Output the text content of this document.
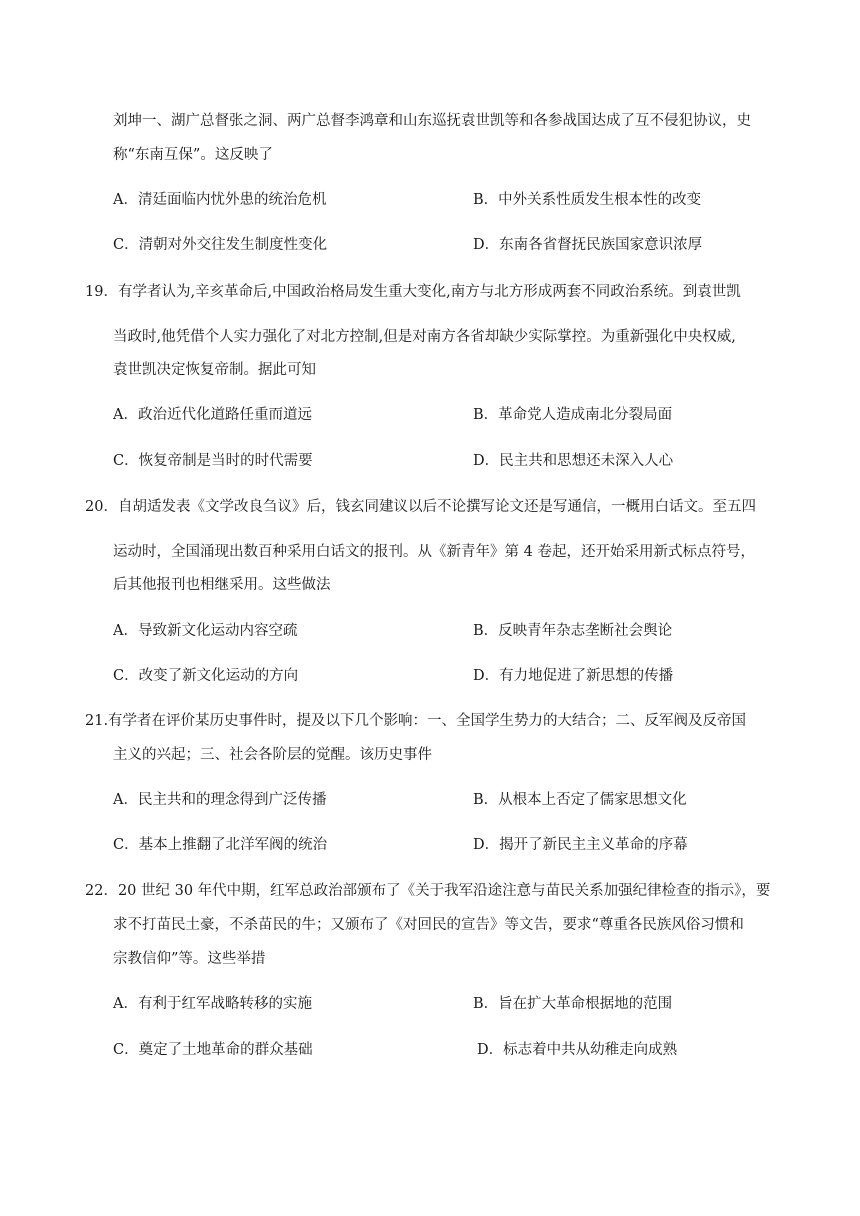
刘坤一、湖广总督张之洞、两广总督李鸿章和山东巡抚袁世凯等和各参战国达成了互不侵犯协议，史
称“东南互保”。这反映了
A．清廷面临内忧外患的统治危机	B．中外关系性质发生根本性的改变
C．清朝对外交往发生制度性变化	D．东南各省督抚民族国家意识浓厚
19．有学者认为,辛亥革命后,中国政治格局发生重大变化,南方与北方形成两套不同政治系统。到袁世凯
当政时,他凭借个人实力强化了对北方控制,但是对南方各省却缺少实际掌控。为重新强化中央权威,
袁世凯决定恢复帝制。据此可知
A．政治近代化道路任重而道远	B．革命党人造成南北分裂局面
C．恢复帝制是当时的时代需要	D．民主共和思想还未深入人心
20．自胡适发表《文学改良刍议》后，钱玄同建议以后不论撰写论文还是写通信，一概用白话文。至五四
运动时，全国涌现出数百种采用白话文的报刊。从《新青年》第 4 卷起，还开始采用新式标点符号，
后其他报刊也相继采用。这些做法
A．导致新文化运动内容空疏	B．反映青年杂志垄断社会舆论
C．改变了新文化运动的方向	D．有力地促进了新思想的传播
21.有学者在评价某历史事件时，提及以下几个影响：一、全国学生势力的大结合；二、反军阀及反帝国
主义的兴起；三、社会各阶层的觉醒。该历史事件
A．民主共和的理念得到广泛传播	B．从根本上否定了儒家思想文化
C．基本上推翻了北洋军阀的统治	D．揭开了新民主主义革命的序幕
22．20 世纪 30 年代中期，红军总政治部颁布了《关于我军沿途注意与苗民关系加强纪律检查的指示》，要
求不打苗民土豪，不杀苗民的牛；又颁布了《对回民的宣告》等文告，要求“尊重各民族风俗习惯和
宗教信仰”等。这些举措
A．有利于红军战略转移的实施	B．旨在扩大革命根据地的范围
C．奠定了土地革命的群众基础	D．标志着中共从幼稚走向成熟
